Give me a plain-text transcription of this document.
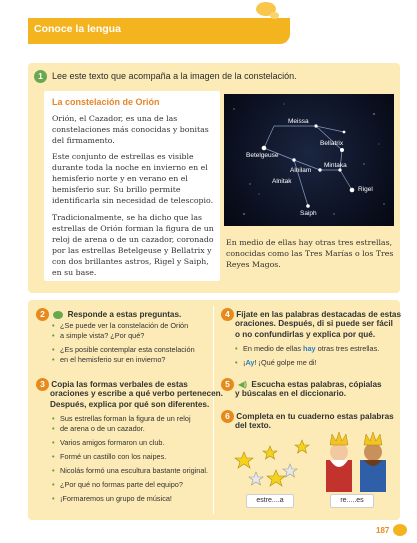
Conoce la lengua
1 Lee este texto que acompaña a la imagen de la constelación.
La constelación de Orión
Orión, el Cazador, es una de las constelaciones más conocidas y bonitas del firmamento.
Este conjunto de estrellas es visible durante toda la noche en invierno en el hemisferio norte y en verano en el hemisferio sur. Su brillo permite identificarla sin necesidad de telescopio.
Tradicionalmente, se ha dicho que las estrellas de Orión forman la figura de un reloj de arena o de un cazador, coronado por las estrellas Betelgeuse y Bellatrix y con dos brillantes astros, Rigel y Saiph, en su base.
Meissa
Bellatrix
Betelgeuse
Alnilam
Mintaka
Alnitak
Rigel
Saiph
En medio de ellas hay otras tres estrellas, conocidas como las Tres Marías o los Tres Reyes Magos.
2	Responde a estas preguntas.
• ¿Se puede ver la constelación de Orión
• a simple vista? ¿Por qué?
• ¿Es posible contemplar esta constelación
• en el hemisferio sur en invierno?
3 Copia las formas verbales de estas
oraciones y escribe a qué verbo pertenecen.
Después, explica por qué son diferentes.
• Sus estrellas forman la figura de un reloj
• de arena o de un cazador.
• Varios amigos formaron un club.
• Formé un castillo con los naipes.
• Nicolás formó una escultura bastante original.
• ¿Por qué no formas parte del equipo?
• ¡Formaremos un grupo de música!
4 Fíjate en las palabras destacadas de estas
oraciones. Después, di si puede ser fácil
o no confundirlas y explica por qué.
• En medio de ellas hay otras tres estrellas.
• ¡Ay! ¡Qué golpe me di!
5 ◀) Escucha estas palabras, cópialas
y búscalas en el diccionario.
6 Completa en tu cuaderno estas palabras
del texto.
estre....a	re.....es
187
